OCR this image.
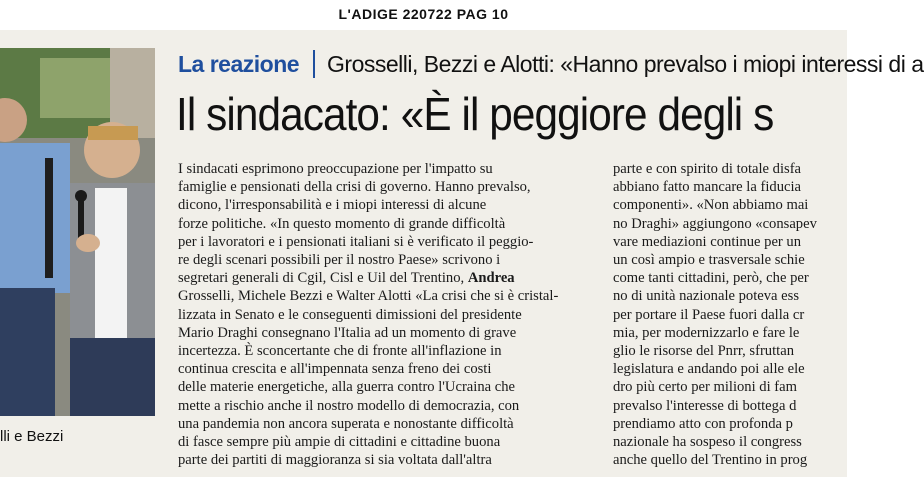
L'ADIGE 220722 PAG 10
lli e Bezzi
La reazione Grosselli, Bezzi e Alotti: «Hanno prevalso i miopi interessi di a
Il sindacato: «È il peggiore degli s
I sindacati esprimono preoccupazione per l'impatto su
famiglie e pensionati della crisi di governo. Hanno prevalso,
dicono, l'irresponsabilità e i miopi interessi di alcune
forze politiche. «In questo momento di grande difficoltà
per i lavoratori e i pensionati italiani si è verificato il peggio-
re degli scenari possibili per il nostro Paese» scrivono i
segretari generali di Cgil, Cisl e Uil del Trentino, Andrea
Grosselli, Michele Bezzi e Walter Alotti «La crisi che si è cristal-
lizzata in Senato e le conseguenti dimissioni del presidente
Mario Draghi consegnano l'Italia ad un momento di grave
incertezza. È sconcertante che di fronte all'inflazione in
continua crescita e all'impennata senza freno dei costi
delle materie energetiche, alla guerra contro l'Ucraina che
mette a rischio anche il nostro modello di democrazia, con
una pandemia non ancora superata e nonostante difficoltà
di fasce sempre più ampie di cittadini e cittadine buona
parte dei partiti di maggioranza si sia voltata dall'altra
parte e con spirito di totale disfa
abbiano fatto mancare la fiducia
componenti». «Non abbiamo mai
no Draghi» aggiungono «consapev
vare mediazioni continue per un
un così ampio e trasversale schie
come tanti cittadini, però, che per
no di unità nazionale poteva ess
per portare il Paese fuori dalla cr
mia, per modernizzarlo e fare le
glio le risorse del Pnrr, sfruttan
legislatura e andando poi alle ele
dro più certo per milioni di fam
prevalso l'interesse di bottega d
prendiamo atto con profonda p
nazionale ha sospeso il congress
anche quello del Trentino in prog
